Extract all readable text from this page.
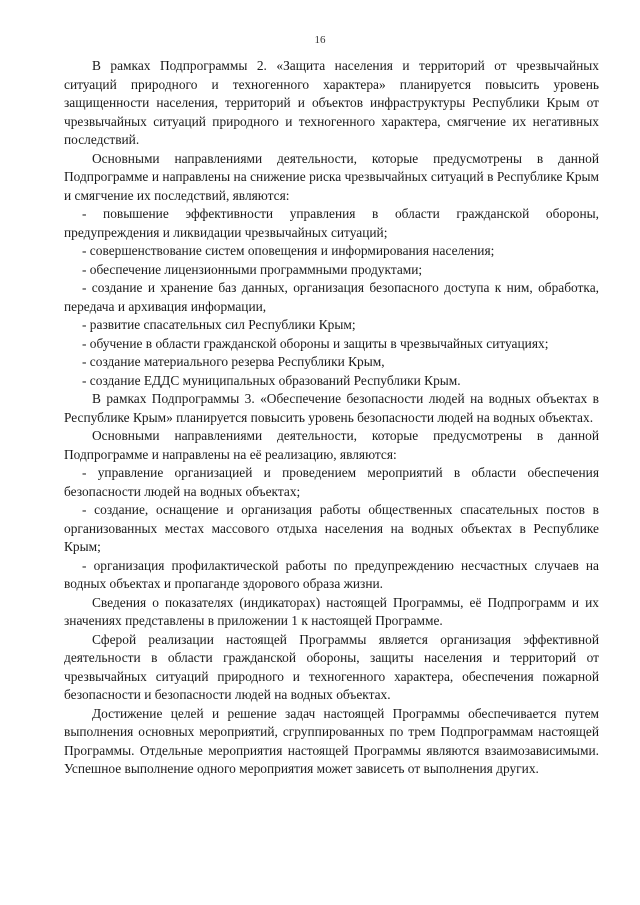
16

В рамках Подпрограммы 2. «Защита населения и территорий от чрезвычайных ситуаций природного и техногенного характера» планируется повысить уровень защищенности населения, территорий и объектов инфраструктуры Республики Крым от чрезвычайных ситуаций природного и техногенного характера, смягчение их негативных последствий.

Основными направлениями деятельности, которые предусмотрены в данной Подпрограмме и направлены на снижение риска чрезвычайных ситуаций в Республике Крым и смягчение их последствий, являются:

- повышение эффективности управления в области гражданской обороны, предупреждения и ликвидации чрезвычайных ситуаций;

- совершенствование систем оповещения и информирования населения;

- обеспечение лицензионными программными продуктами;

- создание и хранение баз данных, организация безопасного доступа к ним, обработка, передача и архивация информации,

- развитие спасательных сил Республики Крым;

- обучение в области гражданской обороны и защиты в чрезвычайных ситуациях;

- создание материального резерва Республики Крым,

- создание ЕДДС муниципальных образований Республики Крым.

В рамках Подпрограммы 3. «Обеспечение безопасности людей на водных объектах в Республике Крым» планируется повысить уровень безопасности людей на водных объектах.

Основными направлениями деятельности, которые предусмотрены в данной Подпрограмме и направлены на её реализацию, являются:

- управление организацией и проведением мероприятий в области обеспечения безопасности людей на водных объектах;

- создание, оснащение и организация работы общественных спасательных постов в организованных местах массового отдыха населения на водных объектах в Республике Крым;

- организация профилактической работы по предупреждению несчастных случаев на водных объектах и пропаганде здорового образа жизни.

Сведения о показателях (индикаторах) настоящей Программы, её Подпрограмм и их значениях представлены в приложении 1 к настоящей Программе.

Сферой реализации настоящей Программы является организация эффективной деятельности в области гражданской обороны, защиты населения и территорий от чрезвычайных ситуаций природного и техногенного характера, обеспечения пожарной безопасности и безопасности людей на водных объектах.

Достижение целей и решение задач настоящей Программы обеспечивается путем выполнения основных мероприятий, сгруппированных по трем Подпрограммам настоящей Программы. Отдельные мероприятия настоящей Программы являются взаимозависимыми. Успешное выполнение одного мероприятия может зависеть от выполнения других.
